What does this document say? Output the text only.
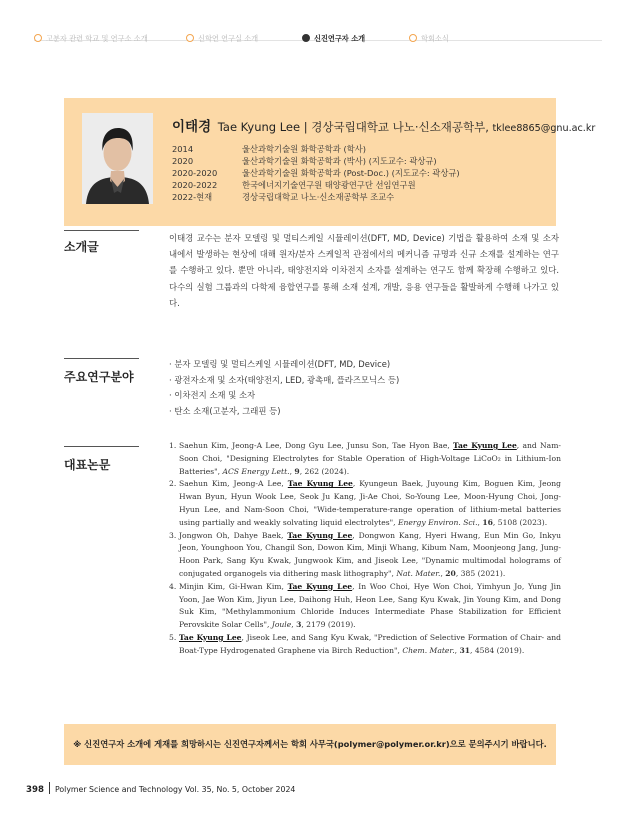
고분자 관련 학교 및 연구소 소개	신학연 연구실 소개	신진연구자 소개	학회소식
이태경 Tae Kyung Lee | 경상국립대학교 나노·신소재공학부, tklee8865@gnu.ac.kr
2014	울산과학기술원 화학공학과 (학사)
2020	울산과학기술원 화학공학과 (박사) (지도교수: 곽상규)
2020-2020	울산과학기술원 화학공학과 (Post-Doc.) (지도교수: 곽상규)
2020-2022	한국에너지기술연구원 태양광연구단 선임연구원
2022-현재	경상국립대학교 나노·신소재공학부 조교수
소개글
이태경 교수는 분자 모델링 및 멀티스케일 시뮬레이션(DFT, MD, Device) 기법을 활용하여 소재 및 소자 내에서 발생하는 현상에 대해 원자/분자 스케일적 관점에서의 메커니즘 규명과 신규 소재를 설계하는 연구를 수행하고 있다. 뿐만 아니라, 태양전지와 이차전지 소자를 설계하는 연구도 함께 확장해 수행하고 있다. 다수의 실험 그룹과의 다학제 융합연구를 통해 소재 설계, 개발, 응용 연구들을 활발하게 수행해 나가고 있다.
주요연구분야
· 분자 모델링 및 멀티스케일 시뮬레이션(DFT, MD, Device)
· 광전자소재 및 소자(태양전지, LED, 광촉매, 플라즈모닉스 등)
· 이차전지 소재 및 소자
· 탄소 소재(고분자, 그래핀 등)
대표논문
1. Saehun Kim, Jeong-A Lee, Dong Gyu Lee, Junsu Son, Tae Hyon Bae, Tae Kyung Lee, and Nam-Soon Choi, "Designing Electrolytes for Stable Operation of High-Voltage LiCoO₂ in Lithium-Ion Batteries", ACS Energy Lett., 9, 262 (2024).
2. Saehun Kim, Jeong-A Lee, Tae Kyung Lee, Kyungeun Baek, Juyoung Kim, Boguen Kim, Jeong Hwan Byun, Hyun Wook Lee, Seok Ju Kang, Ji-Ae Choi, So-Young Lee, Moon-Hyung Choi, Jong-Hyun Lee, and Nam-Soon Choi, "Wide-temperature-range operation of lithium-metal batteries using partially and weakly solvating liquid electrolytes", Energy Environ. Sci., 16, 5108 (2023).
3. Jongwon Oh, Dahye Baek, Tae Kyung Lee, Dongwon Kang, Hyeri Hwang, Eun Min Go, Inkyu Jeon, Younghoon You, Changil Son, Dowon Kim, Minji Whang, Kibum Nam, Moonjeong Jang, Jung-Hoon Park, Sang Kyu Kwak, Jungwook Kim, and Jiseok Lee, "Dynamic multimodal holograms of conjugated organogels via dithering mask lithography", Nat. Mater., 20, 385 (2021).
4. Minjin Kim, Gi-Hwan Kim, Tae Kyung Lee, In Woo Choi, Hye Won Choi, Yimhyun Jo, Yung Jin Yoon, Jae Won Kim, Jiyun Lee, Daihong Huh, Heon Lee, Sang Kyu Kwak, Jin Young Kim, and Dong Suk Kim, "Methylammonium Chloride Induces Intermediate Phase Stabilization for Efficient Perovskite Solar Cells", Joule, 3, 2179 (2019).
5. Tae Kyung Lee, Jiseok Lee, and Sang Kyu Kwak, "Prediction of Selective Formation of Chair- and Boat-Type Hydrogenated Graphene via Birch Reduction", Chem. Mater., 31, 4584 (2019).
※ 신진연구자 소개에 게재를 희망하시는 신진연구자께서는 학회 사무국(polymer@polymer.or.kr)으로 문의주시기 바랍니다.
398 Polymer Science and Technology Vol. 35, No. 5, October 2024
